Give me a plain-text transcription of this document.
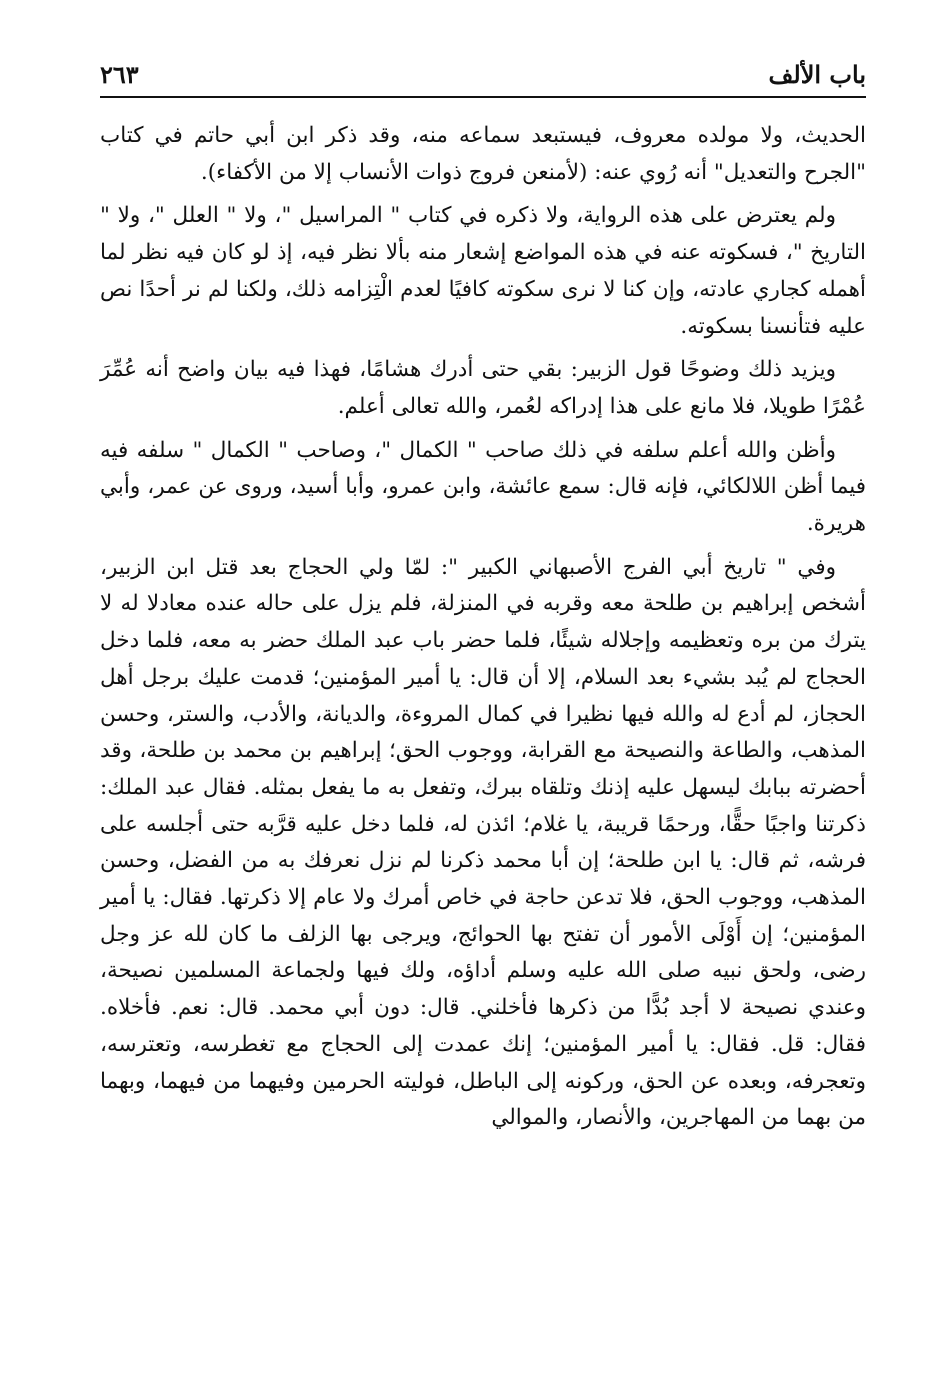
باب الألف
٢٦٣

الحديث، ولا مولده معروف، فيستبعد سماعه منه، وقد ذكر ابن أبي حاتم في كتاب "الجرح والتعديل" أنه رُوي عنه: (لأمنعن فروج ذوات الأنساب إلا من الأكفاء).

ولم يعترض على هذه الرواية، ولا ذكره في كتاب " المراسيل "، ولا " العلل "، ولا " التاريخ "، فسكوته عنه في هذه المواضع إشعار منه بألا نظر فيه، إذ لو كان فيه نظر لما أهمله كجاري عادته، وإن كنا لا نرى سكوته كافيًا لعدم الْتِزامه ذلك، ولكنا لم نر أحدًا نص عليه فتأنسنا بسكوته.

ويزيد ذلك وضوحًا قول الزبير: بقي حتى أدرك هشامًا، فهذا فيه بيان واضح أنه عُمِّرَ عُمْرًا طويلا، فلا مانع على هذا إدراكه لعُمر، والله تعالى أعلم.

وأظن والله أعلم سلفه في ذلك صاحب " الكمال "، وصاحب " الكمال " سلفه فيه فيما أظن اللالكائي، فإنه قال: سمع عائشة، وابن عمرو، وأبا أسيد، وروى عن عمر، وأبي هريرة.

وفي " تاريخ أبي الفرج الأصبهاني الكبير ": لمّا ولي الحجاج بعد قتل ابن الزبير، أشخص إبراهيم بن طلحة معه وقربه في المنزلة، فلم يزل على حاله عنده معادلا له لا يترك من بره وتعظيمه وإجلاله شيئًا، فلما حضر باب عبد الملك حضر به معه، فلما دخل الحجاج لم يُبد بشيء بعد السلام، إلا أن قال: يا أمير المؤمنين؛ قدمت عليك برجل أهل الحجاز، لم أدع له والله فيها نظيرا في كمال المروءة، والديانة، والأدب، والستر، وحسن المذهب، والطاعة والنصيحة مع القرابة، ووجوب الحق؛ إبراهيم بن محمد بن طلحة، وقد أحضرته ببابك ليسهل عليه إذنك وتلقاه ببرك، وتفعل به ما يفعل بمثله. فقال عبد الملك: ذكرتنا واجبًا حقًّا، ورحمًا قريبة، يا غلام؛ ائذن له، فلما دخل عليه قرَّبه حتى أجلسه على فرشه، ثم قال: يا ابن طلحة؛ إن أبا محمد ذكرنا لم نزل نعرفك به من الفضل، وحسن المذهب، ووجوب الحق، فلا تدعن حاجة في خاص أمرك ولا عام إلا ذكرتها. فقال: يا أمير المؤمنين؛ إن أَوْلَى الأمور أن تفتح بها الحوائج، ويرجى بها الزلف ما كان لله عز وجل رضى، ولحق نبيه صلى الله عليه وسلم أداؤه، ولك فيها ولجماعة المسلمين نصيحة، وعندي نصيحة لا أجد بُدًّا من ذكرها فأخلني. قال: دون أبي محمد. قال: نعم. فأخلاه. فقال: قل. فقال: يا أمير المؤمنين؛ إنك عمدت إلى الحجاج مع تغطرسه، وتعترسه، وتعجرفه، وبعده عن الحق، وركونه إلى الباطل، فوليته الحرمين وفيهما من فيهما، وبهما من بهما من المهاجرين، والأنصار، والموالي
